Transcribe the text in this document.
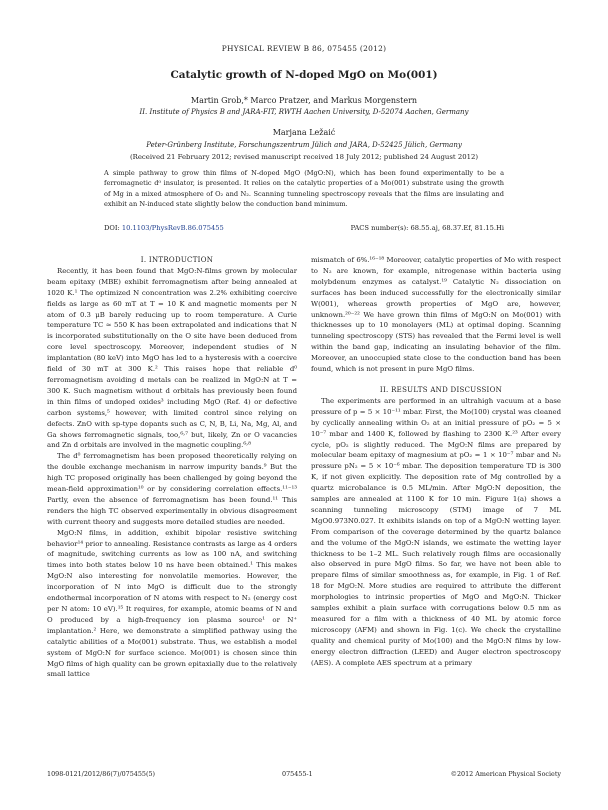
PHYSICAL REVIEW B 86, 075455 (2012)
Catalytic growth of N-doped MgO on Mo(001)
Martin Grob,* Marco Pratzer, and Markus Morgenstern
II. Institute of Physics B and JARA-FIT, RWTH Aachen University, D-52074 Aachen, Germany
Marjana Ležaić
Peter-Grünberg Institute, Forschungszentrum Jülich and JARA, D-52425 Jülich, Germany
(Received 21 February 2012; revised manuscript received 18 July 2012; published 24 August 2012)
A simple pathway to grow thin films of N-doped MgO (MgO:N), which has been found experimentally to be a ferromagnetic d⁰ insulator, is presented. It relies on the catalytic properties of a Mo(001) substrate using the growth of Mg in a mixed atmosphere of O₂ and N₂. Scanning tunneling spectroscopy reveals that the films are insulating and exhibit an N-induced state slightly below the conduction band minimum.
DOI: 10.1103/PhysRevB.86.075455	PACS number(s): 68.55.aj, 68.37.Ef, 81.15.Hi

I. INTRODUCTION

Recently, it has been found that MgO:N-films grown by molecular beam epitaxy (MBE) exhibit ferromagnetism after being annealed at 1020 K.¹ The optimized N concentration was 2.2% exhibiting coercive fields as large as 60 mT at T = 10 K and magnetic moments per N atom of 0.3 μB barely reducing up to room temperature. A Curie temperature TC ≃ 550 K has been extrapolated and indications that N is incorporated substitutionally on the O site have been deduced from core level spectroscopy. Moreover, independent studies of N implantation (80 keV) into MgO has led to a hysteresis with a coercive field of 30 mT at 300 K.² This raises hope that reliable d⁰ ferromagnetism avoiding d metals can be realized in MgO:N at T = 300 K. Such magnetism without d orbitals has previously been found in thin films of undoped oxides³ including MgO (Ref. 4) or defective carbon systems,⁵ however, with limited control since relying on defects. ZnO with sp-type dopants such as C, N, B, Li, Na, Mg, Al, and Ga shows ferromagnetic signals, too,⁶˒⁷ but, likely, Zn or O vacancies and Zn d orbitals are involved in the magnetic coupling.⁶˒⁸

The d⁰ ferromagnetism has been proposed theoretically relying on the double exchange mechanism in narrow impurity bands.⁹ But the high TC proposed originally has been challenged by going beyond the mean-field approximation¹⁰ or by considering correlation effects.¹¹⁻¹³ Partly, even the absence of ferromagnetism has been found.¹¹ This renders the high TC observed experimentally in obvious disagreement with current theory and suggests more detailed studies are needed.

MgO:N films, in addition, exhibit bipolar resistive switching behavior¹⁴ prior to annealing. Resistance contrasts as large as 4 orders of magnitude, switching currents as low as 100 nA, and switching times into both states below 10 ns have been obtained.¹ This makes MgO:N also interesting for nonvolatile memories. However, the incorporation of N into MgO is difficult due to the strongly endothermal incorporation of N atoms with respect to N₂ (energy cost per N atom: 10 eV).¹⁵ It requires, for example, atomic beams of N and O produced by a high-frequency ion plasma source¹ or N⁺ implantation.² Here, we demonstrate a simplified pathway using the catalytic abilities of a Mo(001) substrate. Thus, we establish a model system of MgO:N for surface science. Mo(001) is chosen since thin MgO films of high quality can be grown epitaxially due to the relatively small lattice

mismatch of 6%.¹⁶⁻¹⁸ Moreover, catalytic properties of Mo with respect to N₂ are known, for example, nitrogenase within bacteria using molybdenum enzymes as catalyst.¹⁹ Catalytic N₂ dissociation on surfaces has been induced successfully for the electronically similar W(001), whereas growth properties of MgO are, however, unknown.²⁰⁻²² We have grown thin films of MgO:N on Mo(001) with thicknesses up to 10 monolayers (ML) at optimal doping. Scanning tunneling spectroscopy (STS) has revealed that the Fermi level is well within the band gap, indicating an insulating behavior of the film. Moreover, an unoccupied state close to the conduction band has been found, which is not present in pure MgO films.

II. RESULTS AND DISCUSSION

The experiments are performed in an ultrahigh vacuum at a base pressure of p = 5 × 10⁻¹¹ mbar. First, the Mo(100) crystal was cleaned by cyclically annealing within O₂ at an initial pressure of pO₂ = 5 × 10⁻⁷ mbar and 1400 K, followed by flashing to 2300 K.²³ After every cycle, pO₂ is slightly reduced. The MgO:N films are prepared by molecular beam epitaxy of magnesium at pO₂ = 1 × 10⁻⁷ mbar and N₂ pressure pN₂ = 5 × 10⁻⁶ mbar. The deposition temperature TD is 300 K, if not given explicitly. The deposition rate of Mg controlled by a quartz microbalance is 0.5 ML/min. After MgO:N deposition, the samples are annealed at 1100 K for 10 min. Figure 1(a) shows a scanning tunneling microscopy (STM) image of 7 ML MgO0.973N0.027. It exhibits islands on top of a MgO:N wetting layer. From comparison of the coverage determined by the quartz balance and the volume of the MgO:N islands, we estimate the wetting layer thickness to be 1–2 ML. Such relatively rough films are occasionally also observed in pure MgO films. So far, we have not been able to prepare films of similar smoothness as, for example, in Fig. 1 of Ref. 18 for MgO:N. More studies are required to attribute the different morphologies to intrinsic properties of MgO and MgO:N. Thicker samples exhibit a plain surface with corrugations below 0.5 nm as measured for a film with a thickness of 40 ML by atomic force microscopy (AFM) and shown in Fig. 1(c). We check the crystalline quality and chemical purity of Mo(100) and the MgO:N films by low-energy electron diffraction (LEED) and Auger electron spectroscopy (AES). A complete AES spectrum at a primary

1098-0121/2012/86(7)/075455(5)	075455-1	©2012 American Physical Society
